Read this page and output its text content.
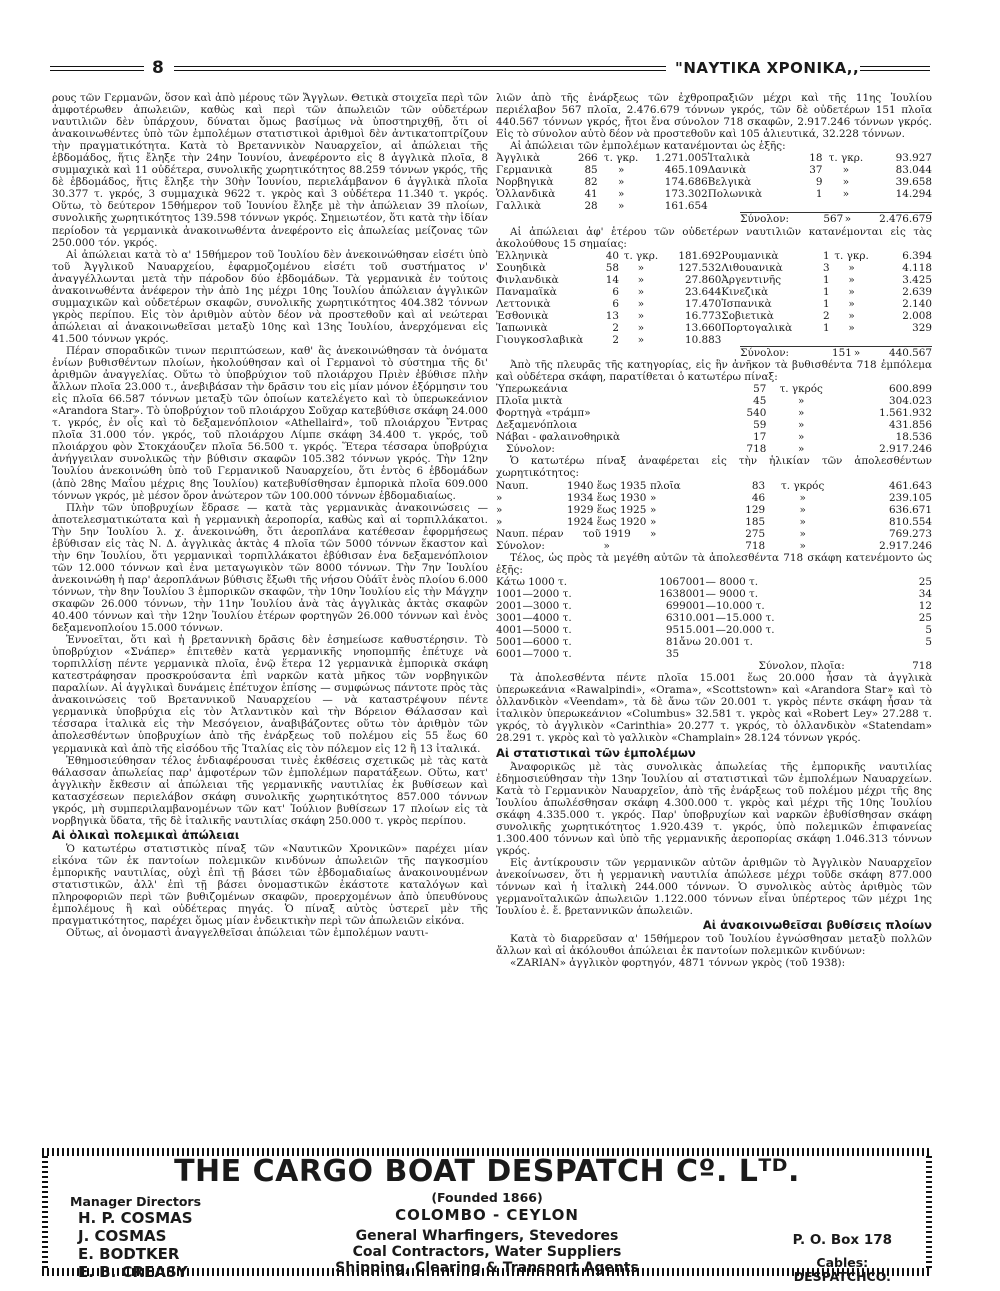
8	"ΝΑΥΤΙΚΑ ΧΡΟΝΙΚΑ,,

ρους τῶν Γερμανῶν, ὅσον καὶ ἀπὸ μέρους τῶν Ἄγγλων. Θετικὰ στοιχεῖα περὶ τῶν ἀμφοτέρωθεν ἀπωλειῶν, καθὼς καὶ περὶ τῶν ἀπωλειῶν τῶν οὐδετέρων ναυτιλιῶν δὲν ὑπάρχουν, δύναται ὅμως βασίμως νὰ ὑποστηριχθῇ, ὅτι οἱ ἀνακοινωθέντες ὑπὸ τῶν ἐμπολέμων στατιστικοὶ ἀριθμοὶ δὲν ἀντικατοπτρίζουν τὴν πραγματικότητα. Κατὰ τὸ Βρεταννικὸν Ναυαρχεῖον, αἱ ἀπώλειαι τῆς ἑβδομάδος, ἥτις ἔληξε τὴν 24ην Ἰουνίου, ἀνεφέροντο εἰς 8 ἀγγλικὰ πλοῖα, 8 συμμαχικὰ καὶ 11 οὐδέτερα, συνολικῆς χωρητικότητος 88.259 τόννων γκρός, τῆς δὲ ἑβδομάδος, ἥτις ἔληξε τὴν 30ὴν Ἰουνίου, περιελάμβανον 6 ἀγγλικὰ πλοῖα 30.377 τ. γκρός, 3 συμμαχικὰ 9622 τ. γκρὸς καὶ 3 οὐδέτερα 11.340 τ. γκρός. Οὕτω, τὸ δεύτερον 15θήμερον τοῦ Ἰουνίου ἔληξε μὲ τὴν ἀπώλειαν 39 πλοίων, συνολικῆς χωρητικότητος 139.598 τόννων γκρός. Σημειωτέον, ὅτι κατὰ τὴν ἰδίαν περίοδον τὰ γερμανικὰ ἀνακοινωθέντα ἀνεφέροντο εἰς ἀπωλείας μείζονας τῶν 250.000 τόν. γκρός.

Αἱ ἀπώλειαι κατὰ τὸ α' 15θήμερον τοῦ Ἰουλίου δὲν ἀνεκοινώθησαν εἰσέτι ὑπὸ τοῦ Ἀγγλικοῦ Ναυαρχείου, ἐφαρμοζομένου εἰσέτι τοῦ συστήματος ν' ἀναγγέλλωνται μετὰ τὴν πάροδον δύο ἑβδομάδων. Τὰ γερμανικὰ ἐν τούτοις ἀνακοινωθέντα ἀνέφερον τὴν ἀπὸ 1ης μέχρι 10ης Ἰουλίου ἀπώλειαν ἀγγλικῶν συμμαχικῶν καὶ οὐδετέρων σκαφῶν, συνολικῆς χωρητικότητος 404.382 τόννων γκρὸς περίπου. Εἰς τὸν ἀριθμὸν αὐτὸν δέον νὰ προστεθοῦν καὶ αἱ νεώτεραι ἀπώλειαι αἱ ἀνακοινωθεῖσαι μεταξὺ 10ης καὶ 13ης Ἰουλίου, ἀνερχόμεναι εἰς 41.500 τόννων γκρός.

Πέραν σποραδικῶν τινων περιπτώσεων, καθ' ἃς ἀνεκοινώθησαν τὰ ὀνόματα ἐνίων βυθισθέντων πλοίων, ἠκολούθησαν καὶ οἱ Γερμανοὶ τὸ σύστημα τῆς δι' ἀριθμῶν ἀναγγελίας. Οὕτω τὸ ὑποβρύχιον τοῦ πλοιάρχου Πριὲν ἐβύθισε πλὴν ἄλλων πλοῖα 23.000 τ., ἀνεβιβάσαν τὴν δρᾶσιν του εἰς μίαν μόνον ἐξόρμησιν του εἰς πλοῖα 66.587 τόννων μεταξὺ τῶν ὁποίων κατελέγετο καὶ τὸ ὑπερωκεάνιον «Arandora Star». Τὸ ὑποβρύχιον τοῦ πλοιάρχου Σοῦχαρ κατεβύθισε σκάφη 24.000 τ. γκρός, ἐν οἷς καὶ τὸ δεξαμενόπλοιον «Athellaird», τοῦ πλοιάρχου Ἔντρας πλοῖα 31.000 τόν. γκρός, τοῦ πλοιάρχου Λίμπε σκάφη 34.400 τ. γκρός, τοῦ πλοιάρχου φὸν Στοκχάουζεν πλοῖα 56.500 τ. γκρός. Ἕτερα τέσσαρα ὑποβρύχια ἀνήγγειλαν συνολικῶς τὴν βύθισιν σκαφῶν 105.382 τόννων γκρός. Τὴν 12ην Ἰουλίου ἀνεκοινώθη ὑπὸ τοῦ Γερμανικοῦ Ναυαρχείου, ὅτι ἐντὸς 6 ἑβδομάδων (ἀπὸ 28ης Μαΐου μέχρις 8ης Ἰουλίου) κατεβυθίσθησαν ἐμπορικὰ πλοῖα 609.000 τόννων γκρός, μὲ μέσον ὅρον ἀνώτερον τῶν 100.000 τόννων ἑβδομαδιαίως.

Πλὴν τῶν ὑποβρυχίων ἔδρασε — κατὰ τὰς γερμανικὰς ἀνακοινώσεις — ἀποτελεσματικώτατα καὶ ἡ γερμανικὴ ἀεροπορία, καθὼς καὶ αἱ τορπιλλάκατοι. Τὴν 5ην Ἰουλίου λ. χ. ἀνεκοινώθη, ὅτι ἀεροπλάνα κατέθεσαν ἐφορμήσεως ἐβύθισαν εἰς τὰς Ν. Δ. ἀγγλικὰς ἀκτὰς 4 πλοῖα τῶν 5000 τόννων ἕκαστον καὶ τὴν 6ην Ἰουλίου, ὅτι γερμανικαὶ τορπιλλάκατοι ἐβύθισαν ἐνα δεξαμενόπλοιον τῶν 12.000 τόννων καὶ ἐνα μεταγωγικὸν τῶν 8000 τόννων. Τὴν 7ην Ἰουλίου ἀνεκοινώθη ἡ παρ' ἀεροπλάνων βύθισις ἔξωθι τῆς νήσου Οὐάϊτ ἑνὸς πλοίου 6.000 τόννων, τὴν 8ην Ἰουλίου 3 ἐμπορικῶν σκαφῶν, τὴν 10ην Ἰουλίου εἰς τὴν Μάγχην σκαφῶν 26.000 τόννων, τὴν 11ην Ἰουλίου ἀνὰ τὰς ἀγγλικὰς ἀκτὰς σκαφῶν 40.400 τόννων καὶ τὴν 12ην Ἰουλίου ἑτέρων φορτηγῶν 26.000 τόννων καὶ ἑνὸς δεξαμενοπλοίου 15.000 τόννων.

Ἐννοεῖται, ὅτι καὶ ἡ βρεταννικὴ δρᾶσις δὲν ἐσημείωσε καθυστέρησιν. Τὸ ὑποβρύχιον «Σνάπερ» ἐπιτεθὲν κατὰ γερμανικῆς νηοπομπῆς ἐπέτυχε νὰ τορπιλλίσῃ πέντε γερμανικὰ πλοῖα, ἐνῷ ἕτερα 12 γερμανικὰ ἐμπορικὰ σκάφη κατεστράφησαν προσκρούσαντα ἐπὶ ναρκῶν κατὰ μῆκος τῶν νορβηγικῶν παραλίων. Αἱ ἀγγλικαὶ δυνάμεις ἐπέτυχον ἐπίσης — συμφώνως πάντοτε πρὸς τὰς ἀνακοινώσεις τοῦ Βρεταννικοῦ Ναυαρχείου — νὰ καταστρέψουν πέντε γερμανικὰ ὑποβρύχια εἰς τὸν Ἀτλαντικὸν καὶ τὴν Βόρειον Θάλασσαν καὶ τέσσαρα ἰταλικὰ εἰς τὴν Μεσόγειον, ἀναβιβάζοντες οὕτω τὸν ἀριθμὸν τῶν ἀπολεσθέντων ὑποβρυχίων ἀπὸ τῆς ἐνάρξεως τοῦ πολέμου εἰς 55 ἕως 60 γερμανικὰ καὶ ἀπὸ τῆς εἰσόδου τῆς Ἰταλίας εἰς τὸν πόλεμον εἰς 12 ἢ 13 ἰταλικά.

Ἐθημοσιεύθησαν τέλος ἐνδιαφέρουσαι τινὲς ἐκθέσεις σχετικῶς μὲ τὰς κατὰ θάλασσαν ἀπωλείας παρ' ἀμφοτέρων τῶν ἐμπολέμων παρατάξεων. Οὕτω, κατ' ἀγγλικὴν ἔκθεσιν αἱ ἀπώλειαι τῆς γερμανικῆς ναυτιλίας ἐκ βυθίσεων καὶ κατασχέσεων περιελάβον σκάφη συνολικῆς χωρητικότητος 857.000 τόννων γκρός, μὴ συμπεριλαμβανομένων τῶν κατ' Ἰούλιον βυθίσεων 17 πλοίων εἰς τὰ νορβηγικὰ ὕδατα, τῆς δὲ ἰταλικῆς ναυτιλίας σκάφη 250.000 τ. γκρὸς περίπου.

Αἱ ὁλικαὶ πολεμικαὶ ἀπώλειαι

Ὁ κατωτέρω στατιστικὸς πίναξ τῶν «Ναυτικῶν Χρονικῶν» παρέχει μίαν εἰκόνα τῶν ἐκ παντοίων πολεμικῶν κινδύνων ἀπωλειῶν τῆς παγκοσμίου ἐμπορικῆς ναυτιλίας, οὐχὶ ἐπὶ τῇ βάσει τῶν ἑβδομαδιαίως ἀνακοινουμένων στατιστικῶν, ἀλλ' ἐπὶ τῇ βάσει ὀνομαστικῶν ἑκάστοτε καταλόγων καὶ πληροφοριῶν περὶ τῶν βυθιζομένων σκαφῶν, προερχομένων ἀπὸ ὑπευθύνους ἐμπολέμους ἢ καὶ οὐδέτερας πηγάς. Ὁ πίναξ αὐτὸς ὑστερεῖ μὲν τῆς πραγματικότητος, παρέχει ὅμως μίαν ἐνδεικτικὴν περὶ τῶν ἀπωλειῶν εἰκόνα.

Οὕτως, αἱ ὀνομαστὶ ἀναγγελθεῖσαι ἀπώλειαι τῶν ἐμπολέμων ναυτι-

λιῶν ἀπὸ τῆς ἐνάρξεως τῶν ἐχθροπραξιῶν μέχρι καὶ τῆς 11ης Ἰουλίου περιέλαβον 567 πλοῖα, 2.476.679 τόννων γκρός, τῶν δὲ οὐδετέρων 151 πλοῖα 440.567 τόννων γκρός, ἤτοι ἕνα σύνολον 718 σκαφῶν, 2.917.246 τόννων γκρός. Εἰς τὸ σύνολον αὐτὸ δέον νὰ προστεθοῦν καὶ 105 ἁλιευτικά, 32.228 τόννων.

Αἱ ἀπώλειαι τῶν ἐμπολέμων κατανέμονται ὡς ἑξῆς:

Ἀγγλικὰ	266	τ. γκρ.	1.271.005	Ἰταλικὰ	18	τ. γκρ.	93.927
Γερμανικὰ	85	»	465.109	Δανικὰ	37	»	83.044
Νορβηγικὰ	82	»	174.686	Βελγικὰ	9	»	39.658
Ὁλλανδικὰ	41	»	173.302	Πολωνικὰ	1	»	14.294
Γαλλικὰ	28	»	161.654				
	Σύνολον:	567	»	2.476.679

Αἱ ἀπώλειαι ἀφ' ἑτέρου τῶν οὐδετέρων ναυτιλιῶν κατανέμονται εἰς τὰς ἀκολούθους 15 σημαίας:

Ἑλληνικὰ	40	τ. γκρ.	181.692	Ρουμανικὰ	1	τ. γκρ.	6.394
Σουηδικὰ	58	»	127.532	Λιθουανικὰ	3	»	4.118
Φινλανδικὰ	14	»	27.860	Ἀργεντινῆς	1	»	3.425
Παναμαϊκὰ	6	»	23.644	Κινεζικὰ	1	»	2.639
Λεττονικὰ	6	»	17.470	Ἰσπανικὰ	1	»	2.140
Ἐσθονικὰ	13	»	16.773	Σοβιετικὰ	2	»	2.008
Ἰαπωνικὰ	2	»	13.660	Πορτογαλικὰ	1	»	329
Γιουγκοσλαβικὰ	2	»	10.883				
	Σύνολον:	151	»	440.567

Ἀπὸ τῆς πλευρᾶς τῆς κατηγορίας, εἰς ἣν ἀνῆκον τὰ βυθισθέντα 718 ἐμπόλεμα καὶ οὐδέτερα σκάφη, παρατίθεται ὁ κατωτέρω πίναξ:

Ὑπερωκεάνια	57	τ. γκρός	600.899
Πλοῖα μικτὰ	45	»	304.023
Φορτηγὰ «τράμπ»	540	»	1.561.932
Δεξαμενόπλοια	59	»	431.856
Νάβαι - φαλαινοθηρικὰ	17	»	18.536
Σύνολον:	718	»	2.917.246

Ὁ κατωτέρω πίναξ ἀναφέρεται εἰς τὴν ἡλικίαν τῶν ἀπολεσθέντων χωρητικότητος:

Ναυπ.	1940 ἕως 1935	πλοῖα	83	τ. γκρός	461.643
»	1934 ἕως 1930	»	46	»	239.105
»	1929 ἕως 1925	»	129	»	636.671
»	1924 ἕως 1920	»	185	»	810.554
Ναυπ. πέραν	τοῦ 1919	»	275	»	769.273
Σύνολον:	»		718	»	2.917.246

Τέλος, ὡς πρὸς τὰ μεγέθη αὐτῶν τὰ ἀπολεσθέντα 718 σκάφη κατενέμοντο ὡς ἑξῆς:

Κάτω 1000 τ.	106	7001— 8000 τ.	25
1001—2000 τ.	163	8001— 9000 τ.	34
2001—3000 τ.	69	9001—10.000 τ.	12
3001—4000 τ.	63	10.001—15.000 τ.	25
4001—5000 τ.	95	15.001—20.000 τ.	5
5001—6000 τ.	81	ἄνω 20.001 τ.	5
6001—7000 τ.	35		
		Σύνολον, πλοῖα:	718

Τὰ ἀπολεσθέντα πέντε πλοῖα 15.001 ἕως 20.000 ἦσαν τὰ ἀγγλικὰ ὑπερωκεάνια «Rawalpindi», «Orama», «Scottstown» καὶ «Arandora Star» καὶ τὸ ὁλλανδικὸν «Veendam», τὰ δὲ ἄνω τῶν 20.001 τ. γκρὸς πέντε σκάφη ἦσαν τὰ ἰταλικὸν ὑπερωκεάνιον «Columbus» 32.581 τ. γκρὸς καὶ «Robert Ley» 27.288 τ. γκρός, τὸ ἀγγλικὸν «Carinthia» 20.277 τ. γκρός, τὸ ὁλλανδικὸν «Statendam» 28.291 τ. γκρὸς καὶ τὸ γαλλικὸν «Champlain» 28.124 τόννων γκρός.

Αἱ στατιστικαὶ τῶν ἐμπολέμων

Ἀναφορικῶς μὲ τὰς συνολικὰς ἀπωλείας τῆς ἐμπορικῆς ναυτιλίας ἐδημοσιεύθησαν τὴν 13ην Ἰουλίου αἱ στατιστικαὶ τῶν ἐμπολέμων Ναυαρχείων. Κατὰ τὸ Γερμανικὸν Ναυαρχεῖον, ἀπὸ τῆς ἐνάρξεως τοῦ πολέμου μέχρι τῆς 8ης Ἰουλίου ἀπωλέσθησαν σκάφη 4.300.000 τ. γκρὸς καὶ μέχρι τῆς 10ης Ἰουλίου σκάφη 4.335.000 τ. γκρός. Παρ' ὑποβρυχίων καὶ ναρκῶν ἐβυθίσθησαν σκάφη συνολικῆς χωρητικότητος 1.920.439 τ. γκρός, ὑπὸ πολεμικῶν ἐπιφανείας 1.300.400 τόννων καὶ ὑπὸ τῆς γερμανικῆς ἀεροπορίας σκάφη 1.046.313 τόννων γκρός.

Εἰς ἀντίκρουσιν τῶν γερμανικῶν αὐτῶν ἀριθμῶν τὸ Ἀγγλικὸν Ναυαρχεῖον ἀνεκοίνωσεν, ὅτι ἡ γερμανικὴ ναυτιλία ἀπώλεσε μέχρι τοῦδε σκάφη 877.000 τόννων καὶ ἡ ἰταλικὴ 244.000 τόννων. Ὁ συνολικὸς αὐτὸς ἀριθμὸς τῶν γερμανοϊταλικῶν ἀπωλειῶν 1.122.000 τόννων εἶναι ὑπέρτερος τῶν μέχρι 1ης Ἰουλίου ἐ. ἔ. βρεταννικῶν ἀπωλειῶν.

Αἱ ἀνακοινωθεῖσαι βυθίσεις πλοίων

Κατὰ τὸ διαρρεῦσαν α' 15θήμερον τοῦ Ἰουλίου ἐγνώσθησαν μεταξὺ πολλῶν ἄλλων καὶ αἱ ἀκόλουθοι ἀπώλειαι ἐκ παντοίων πολεμικῶν κινδύνων:

«ZARIAN» ἀγγλικὸν φορτηγόν, 4871 τόννων γκρὸς (τοῦ 1938):

THE CARGO BOAT DESPATCH Cº. Lᵀᴰ.
(Founded 1866)
COLOMBO - CEYLON
Manager Directors
H. P. COSMAS
J. COSMAS
E. BODTKER
E. B. CREASY
General Wharfingers, Stevedores
Coal Contractors, Water Suppliers
Shipping, Clearing & Transport Agents
P. O. Box 178
Cables:
DESPATCHCO.
